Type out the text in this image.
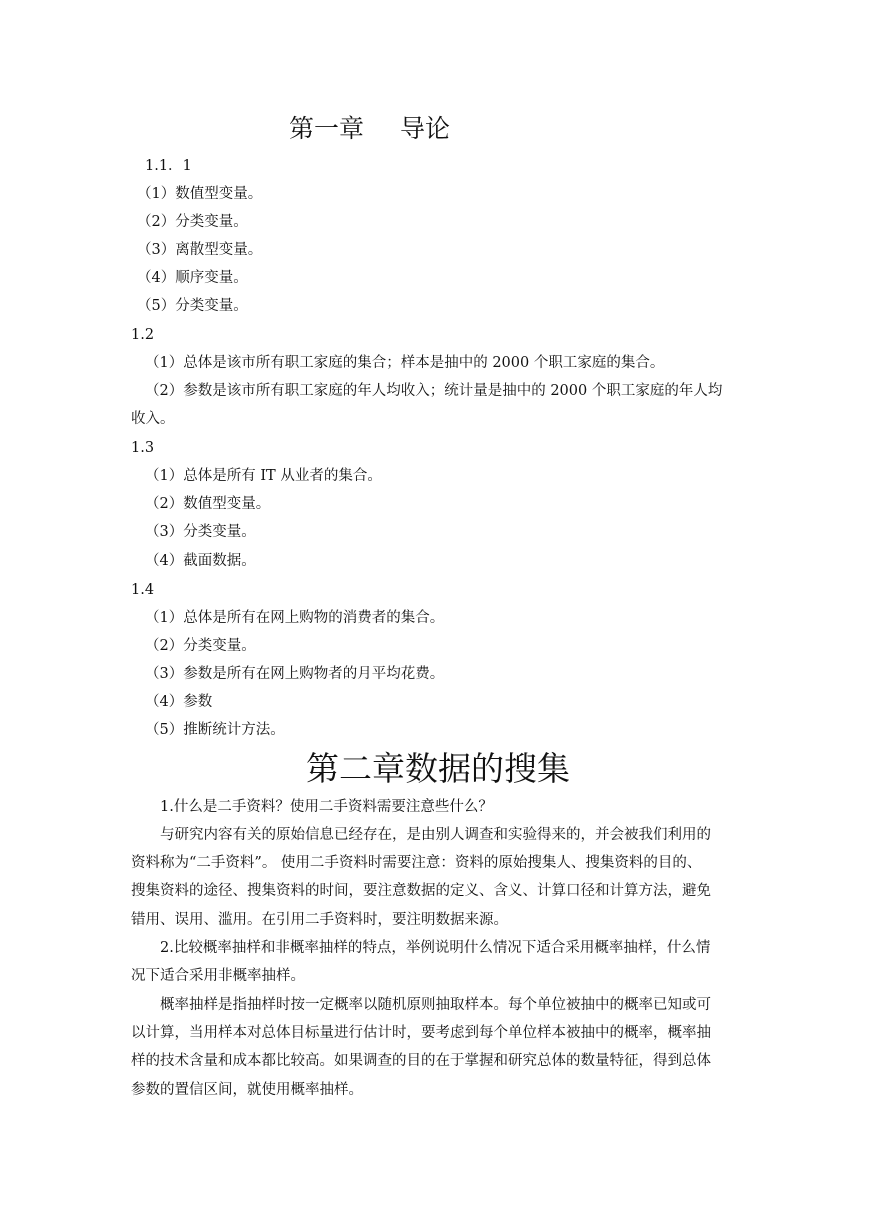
第一章 导论
1.1．1
（1）数值型变量。
（2）分类变量。
（3）离散型变量。
（4）顺序变量。
（5）分类变量。
1.2
（1）总体是该市所有职工家庭的集合；样本是抽中的 2000 个职工家庭的集合。
（2）参数是该市所有职工家庭的年人均收入；统计量是抽中的 2000 个职工家庭的年人均
收入。
1.3
（1）总体是所有 IT 从业者的集合。
（2）数值型变量。
（3）分类变量。
（4）截面数据。
1.4
（1）总体是所有在网上购物的消费者的集合。
（2）分类变量。
（3）参数是所有在网上购物者的月平均花费。
（4）参数
（5）推断统计方法。
第二章数据的搜集
1.什么是二手资料？使用二手资料需要注意些什么？
与研究内容有关的原始信息已经存在，是由别人调查和实验得来的，并会被我们利用的
资料称为“二手资料”。 使用二手资料时需要注意：资料的原始搜集人、搜集资料的目的、
搜集资料的途径、搜集资料的时间，要注意数据的定义、含义、计算口径和计算方法，避免
错用、误用、滥用。在引用二手资料时，要注明数据来源。
2.比较概率抽样和非概率抽样的特点，举例说明什么情况下适合采用概率抽样，什么情
况下适合采用非概率抽样。
概率抽样是指抽样时按一定概率以随机原则抽取样本。每个单位被抽中的概率已知或可
以计算，当用样本对总体目标量进行估计时，要考虑到每个单位样本被抽中的概率，概率抽
样的技术含量和成本都比较高。如果调查的目的在于掌握和研究总体的数量特征，得到总体
参数的置信区间，就使用概率抽样。
